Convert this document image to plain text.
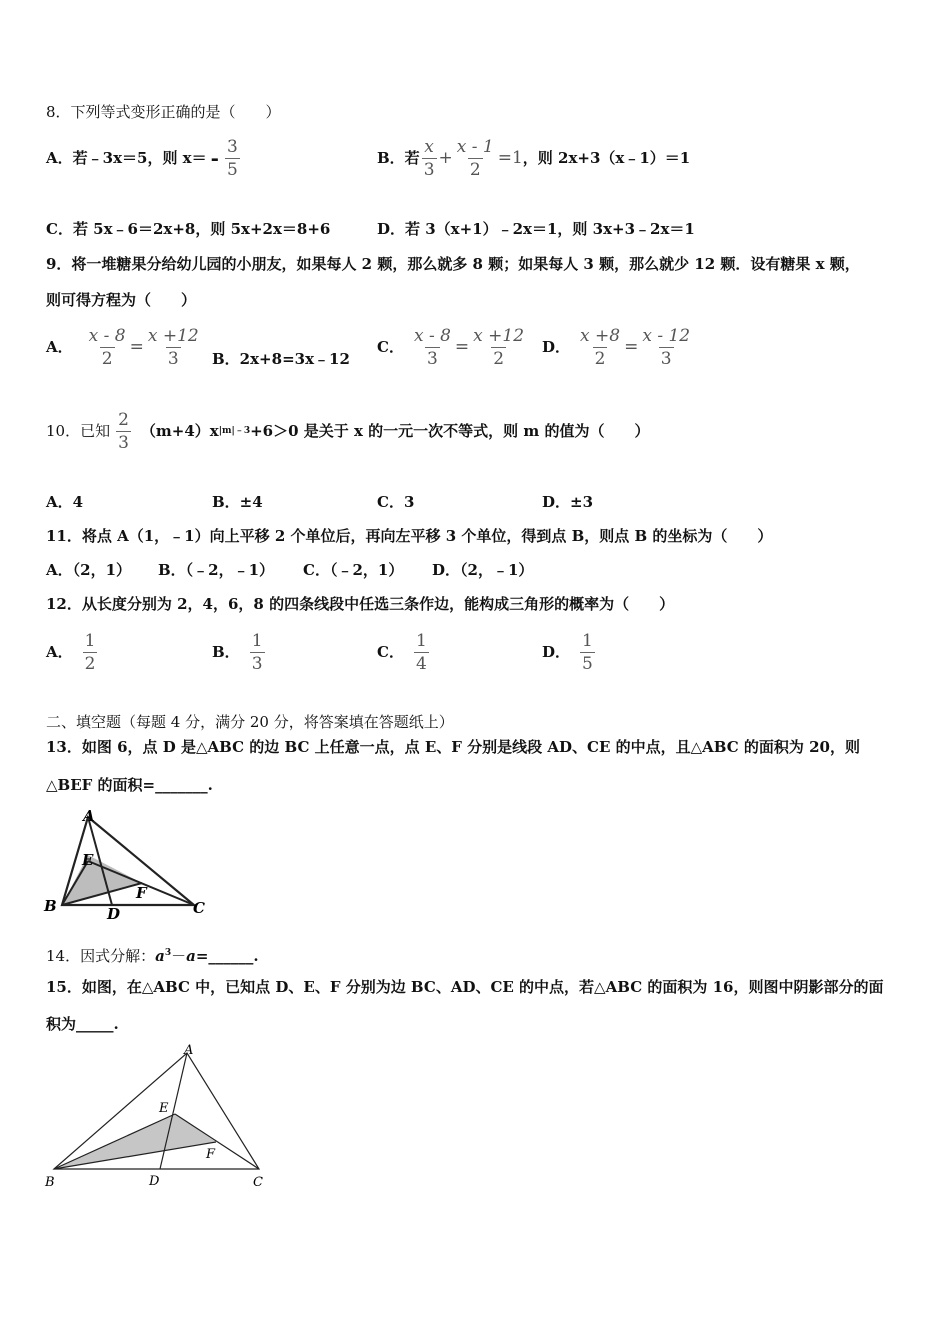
8．下列等式变形正确的是（　　）
A．若﹣3x＝5，则 $x= - \frac{3}{5}$	B．若 $\frac{x}{3} + \frac{x - 1}{2} =1$ ，则 2x+3（x﹣1）＝1
C．若 5x﹣6＝2x+8，则 5x+2x＝8+6	D．若 3（x+1）﹣2x＝1，则 3x+3﹣2x＝1
9．将一堆糖果分给幼儿园的小朋友，如果每人 2 颗，那么就多 8 颗；如果每人 3 颗，那么就少 12 颗．设有糖果 x 颗，
则可得方程为（　　）
A． $\frac{x - 8}{2} = \frac{x +12}{3}$ B．2x+8=3x﹣12
C． $\frac{x - 8}{3} = \frac{x +12}{2}$ D． $\frac{x +8}{2} = \frac{x - 12}{3}$
10．已知 $\frac{2}{3} (m+4)x$ |m|﹣3 +6＞0 是关于 x 的一元一次不等式，则 m 的值为（　　）
A．4	B．±4	C．3	D．±3
11．将点 A（1，﹣1）向上平移 2 个单位后，再向左平移 3 个单位，得到点 B，则点 B 的坐标为（　　）
A．（2，1） B．（﹣2，﹣1） C．（﹣2，1） D．（2，﹣1）
12．从长度分别为 2，4，6，8 的四条线段中任选三条作边，能构成三角形的概率为（　　）
A． $\frac{1}{2}$	B． $\frac{1}{3}$	C． $\frac{1}{4}$	D． $\frac{1}{5}$
二、填空题（每题 4 分，满分 20 分，将答案填在答题纸上）
13．如图 6，点 D 是△ABC 的边 BC 上任意一点，点 E、F 分别是线段 AD、CE 的中点，且△ABC 的面积为 20，则
△BEF 的面积=_______.
A
B	C
D
E
F
14．因式分解：$a^3-a=\_\_\_\_\_\_$.
15．如图，在△ABC 中，已知点 D、E、F 分别为边 BC、AD、CE 的中点，若△ABC 的面积为 16，则图中阴影部分的面
积为_____.
A
B	C
D
E
F
